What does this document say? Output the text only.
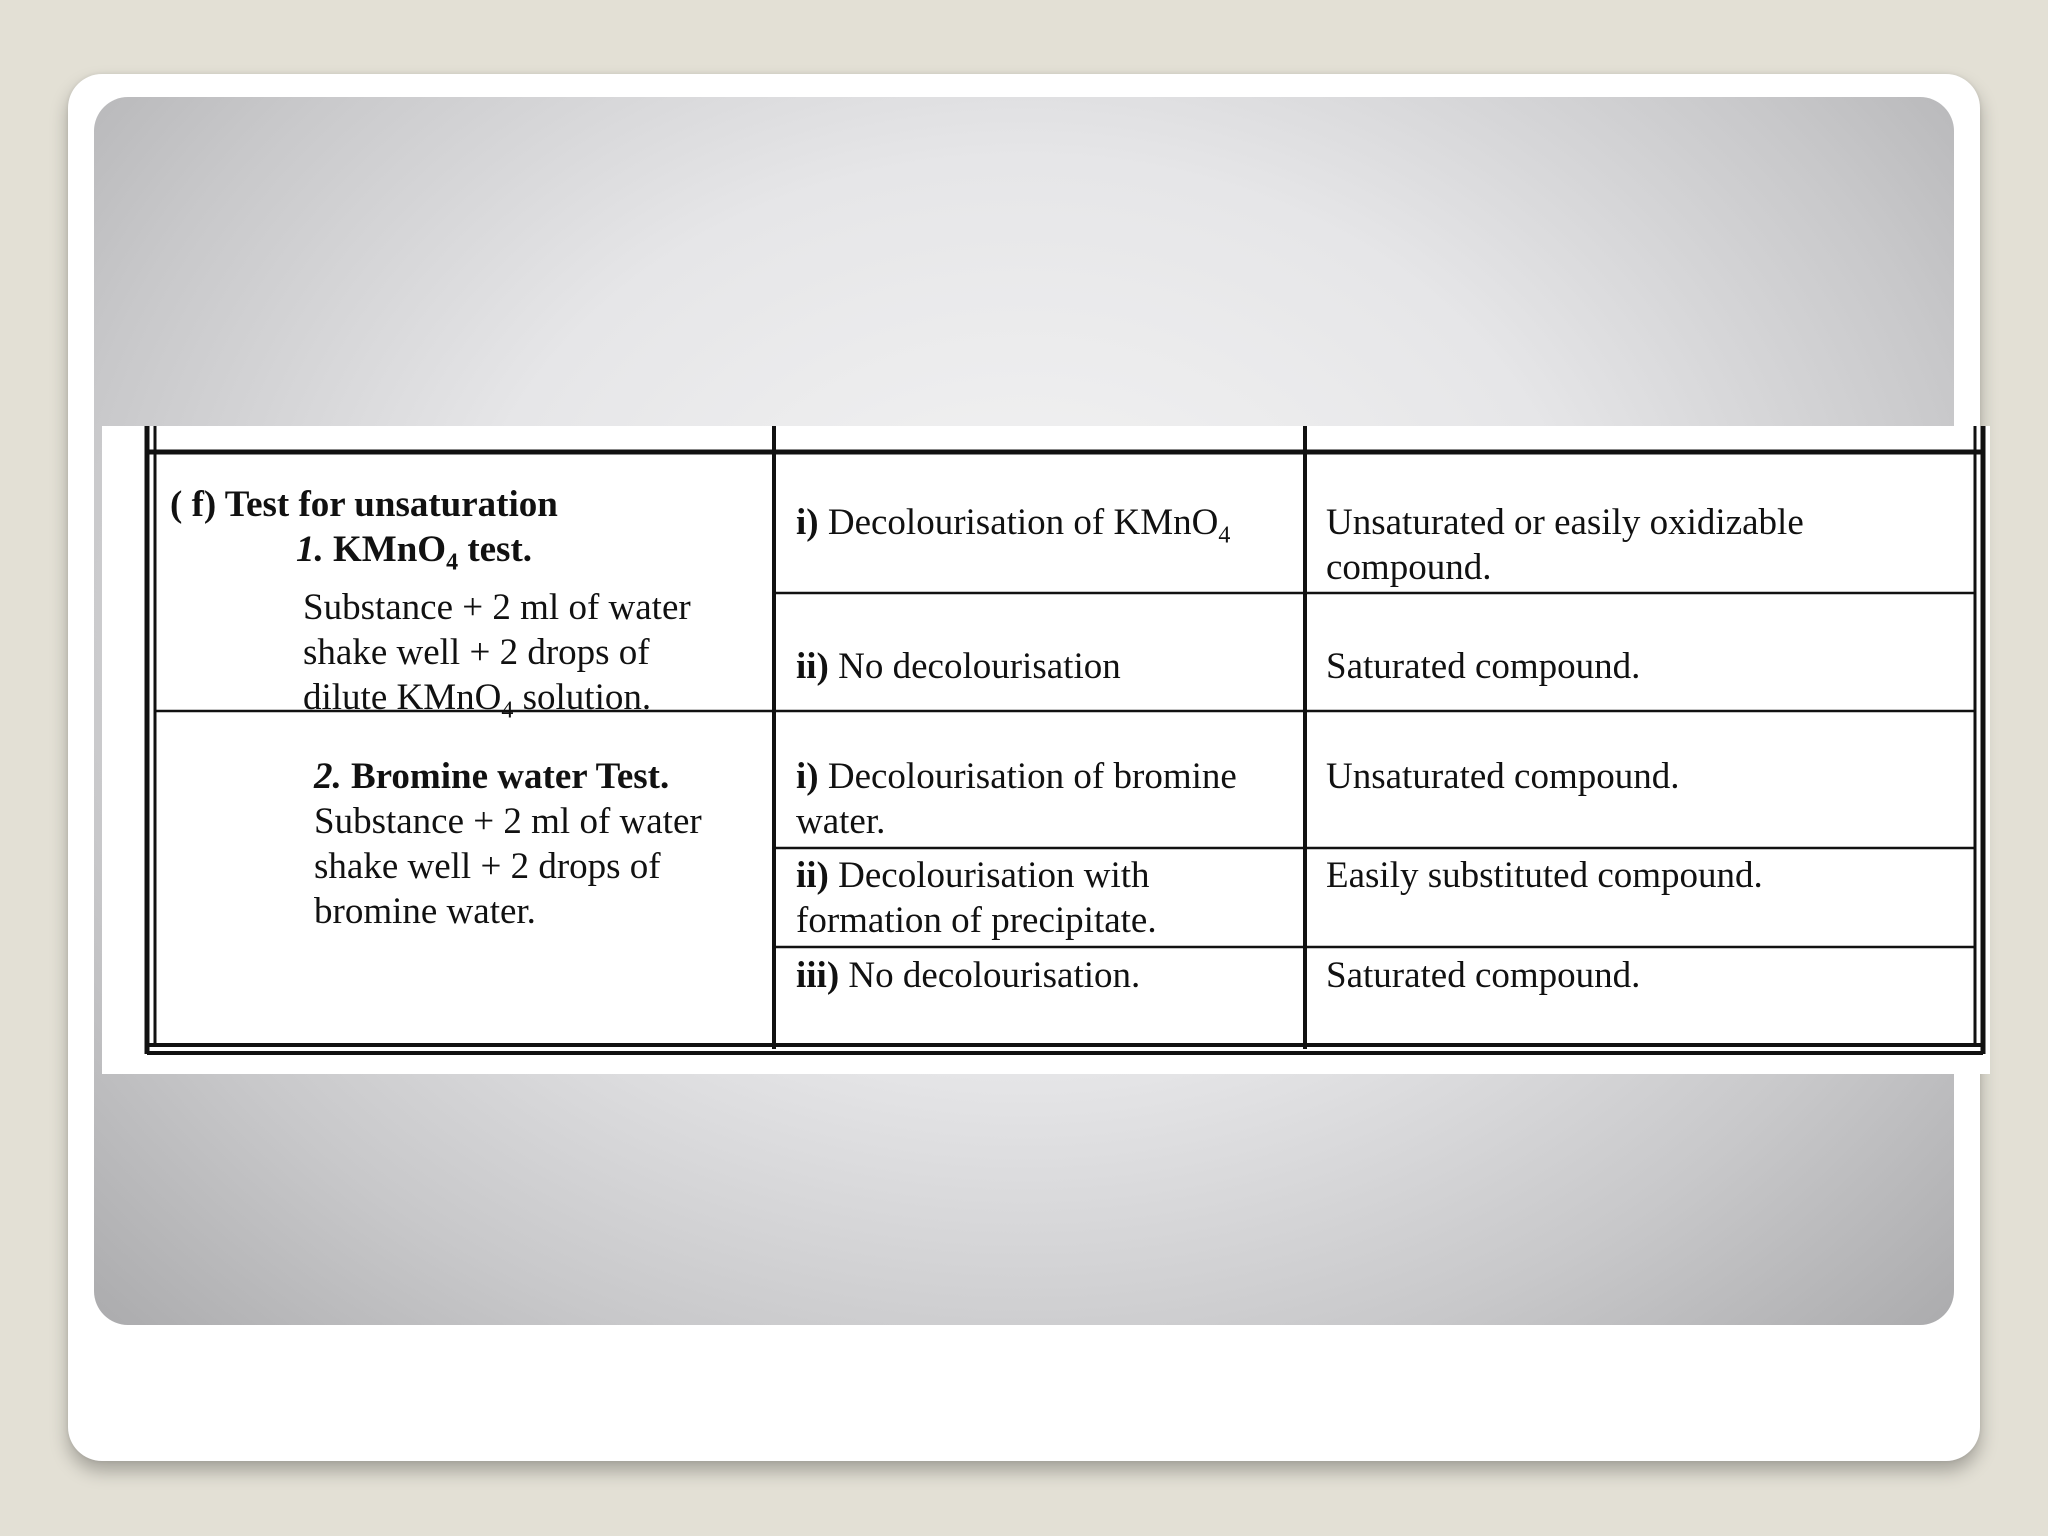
( f) Test for unsaturation
1. KMnO$_4$ test.
Substance + 2 ml of water
shake well + 2 drops of
dilute KMnO$_4$ solution.
2. Bromine water Test.
Substance + 2 ml of water
shake well + 2 drops of
bromine water.
i) Decolourisation of KMnO$_4$
ii) No decolourisation
i) Decolourisation of bromine
water.
ii) Decolourisation with
formation of precipitate.
iii) No decolourisation.
Unsaturated or easily oxidizable
compound.
Saturated compound.
Unsaturated compound.
Easily substituted compound.
Saturated compound.
